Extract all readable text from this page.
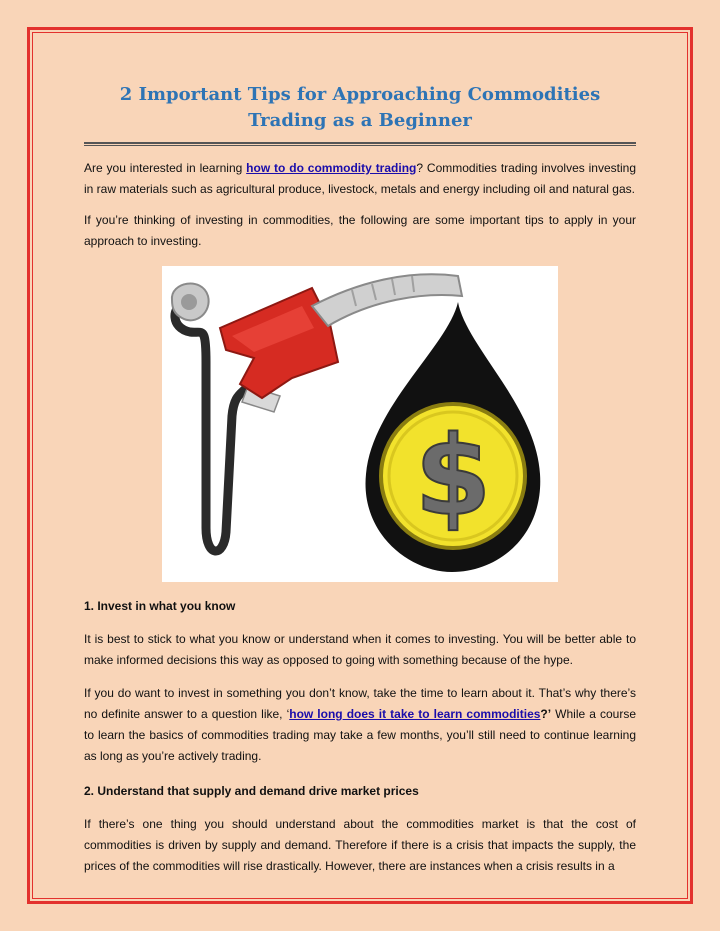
2 Important Tips for Approaching Commodities Trading as a Beginner

Are you interested in learning how to do commodity trading? Commodities trading involves investing in raw materials such as agricultural produce, livestock, metals and energy including oil and natural gas.

If you’re thinking of investing in commodities, the following are some important tips to apply in your approach to investing.

$

1. Invest in what you know

It is best to stick to what you know or understand when it comes to investing. You will be better able to make informed decisions this way as opposed to going with something because of the hype.

If you do want to invest in something you don’t know, take the time to learn about it. That’s why there’s no definite answer to a question like, ‘how long does it take to learn commodities?’ While a course to learn the basics of commodities trading may take a few months, you’ll still need to continue learning as long as you’re actively trading.

2. Understand that supply and demand drive market prices

If there’s one thing you should understand about the commodities market is that the cost of commodities is driven by supply and demand. Therefore if there is a crisis that impacts the supply, the prices of the commodities will rise drastically. However, there are instances when a crisis results in a
